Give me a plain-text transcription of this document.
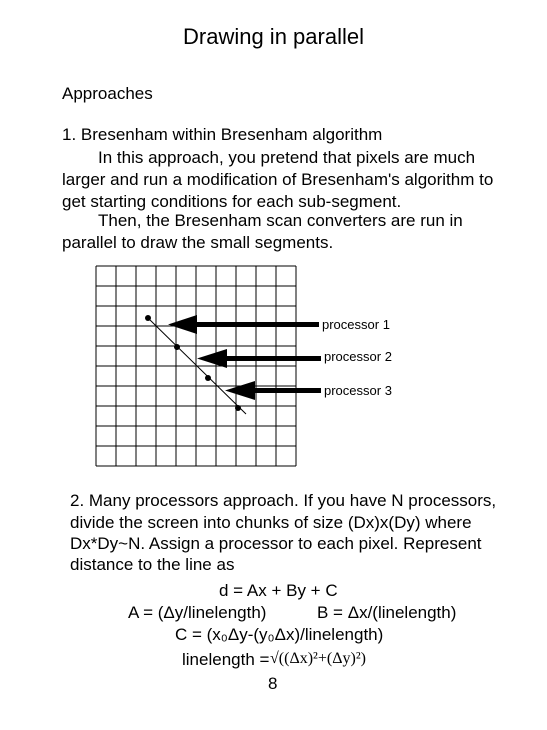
Drawing in parallel
Approaches
1. Bresenham within Bresenham algorithm
In this approach, you pretend that pixels are much
larger and run a modification of Bresenham's algorithm to
get starting conditions for each sub-segment.
Then, the Bresenham scan converters are run in
parallel to draw the small segments.
processor 1
processor 2
processor 3
2. Many processors approach. If you have N processors,
divide the screen into chunks of size (Dx)x(Dy) where
Dx*Dy~N. Assign a processor to each pixel. Represent
distance to the line as
d = Ax + By + C
A = (Δy/linelength)	B = Δx/(linelength)
C = (x₀Δy-(y₀Δx)/linelength)
linelength = √((Δx)²+(Δy)²)
8
